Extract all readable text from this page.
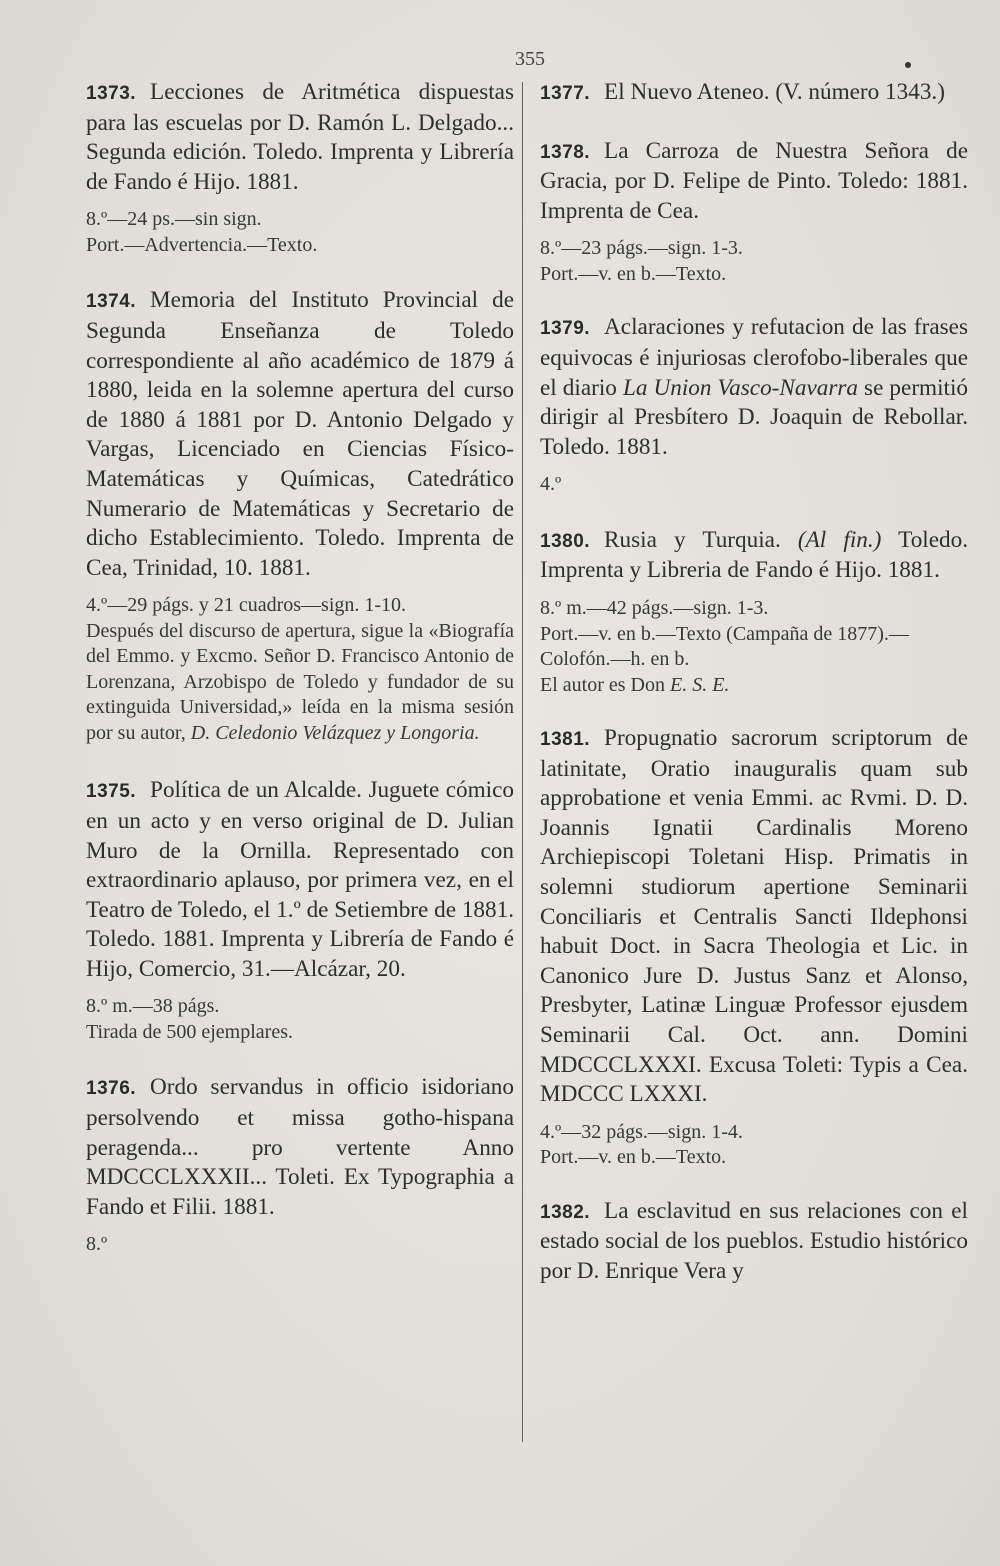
355

1373. Lecciones de Aritmética dispuestas para las escuelas por D. Ramón L. Delgado... Segunda edición. Toledo. Imprenta y Librería de Fando é Hijo. 1881.

8.º—24 ps.—sin sign.

Port.—Advertencia.—Texto.

1374. Memoria del Instituto Provincial de Segunda Enseñanza de Toledo correspondiente al año académico de 1879 á 1880, leida en la solemne apertura del curso de 1880 á 1881 por D. Antonio Delgado y Vargas, Licenciado en Ciencias Físico-Matemáticas y Químicas, Catedrático Numerario de Matemáticas y Secretario de dicho Establecimiento. Toledo. Imprenta de Cea, Trinidad, 10. 1881.

4.º—29 págs. y 21 cuadros—sign. 1-10.

Después del discurso de apertura, sigue la «Biografía del Emmo. y Excmo. Señor D. Francisco Antonio de Lorenzana, Arzobispo de Toledo y fundador de su extinguida Universidad,» leída en la misma sesión por su autor, D. Celedonio Velázquez y Longoria.

1375. Política de un Alcalde. Juguete cómico en un acto y en verso original de D. Julian Muro de la Ornilla. Representado con extraordinario aplauso, por primera vez, en el Teatro de Toledo, el 1.º de Setiembre de 1881. Toledo. 1881. Imprenta y Librería de Fando é Hijo, Comercio, 31.—Alcázar, 20.

8.º m.—38 págs.

Tirada de 500 ejemplares.

1376. Ordo servandus in officio isidoriano persolvendo et missa gotho-hispana peragenda... pro vertente Anno MDCCCLXXXII... Toleti. Ex Typographia a Fando et Filii. 1881.

8.º

1377. El Nuevo Ateneo. (V. número 1343.)

1378. La Carroza de Nuestra Señora de Gracia, por D. Felipe de Pinto. Toledo: 1881. Imprenta de Cea.

8.º—23 págs.—sign. 1-3.

Port.—v. en b.—Texto.

1379. Aclaraciones y refutacion de las frases equivocas é injuriosas clerofobo-liberales que el diario La Union Vasco-Navarra se permitió dirigir al Presbítero D. Joaquin de Rebollar. Toledo. 1881.

4.º

1380. Rusia y Turquia. (Al fin.) Toledo. Imprenta y Libreria de Fando é Hijo. 1881.

8.º m.—42 págs.—sign. 1-3.

Port.—v. en b.—Texto (Campaña de 1877).—Colofón.—h. en b.

El autor es Don E. S. E.

1381. Propugnatio sacrorum scriptorum de latinitate, Oratio inauguralis quam sub approbatione et venia Emmi. ac Rvmi. D. D. Joannis Ignatii Cardinalis Moreno Archiepiscopi Toletani Hisp. Primatis in solemni studiorum apertione Seminarii Conciliaris et Centralis Sancti Ildephonsi habuit Doct. in Sacra Theologia et Lic. in Canonico Jure D. Justus Sanz et Alonso, Presbyter, Latinæ Linguæ Professor ejusdem Seminarii Cal. Oct. ann. Domini MDCCCLXXXI. Excusa Toleti: Typis a Cea. MDCCC LXXXI.

4.º—32 págs.—sign. 1-4.

Port.—v. en b.—Texto.

1382. La esclavitud en sus relaciones con el estado social de los pueblos. Estudio histórico por D. Enrique Vera y
